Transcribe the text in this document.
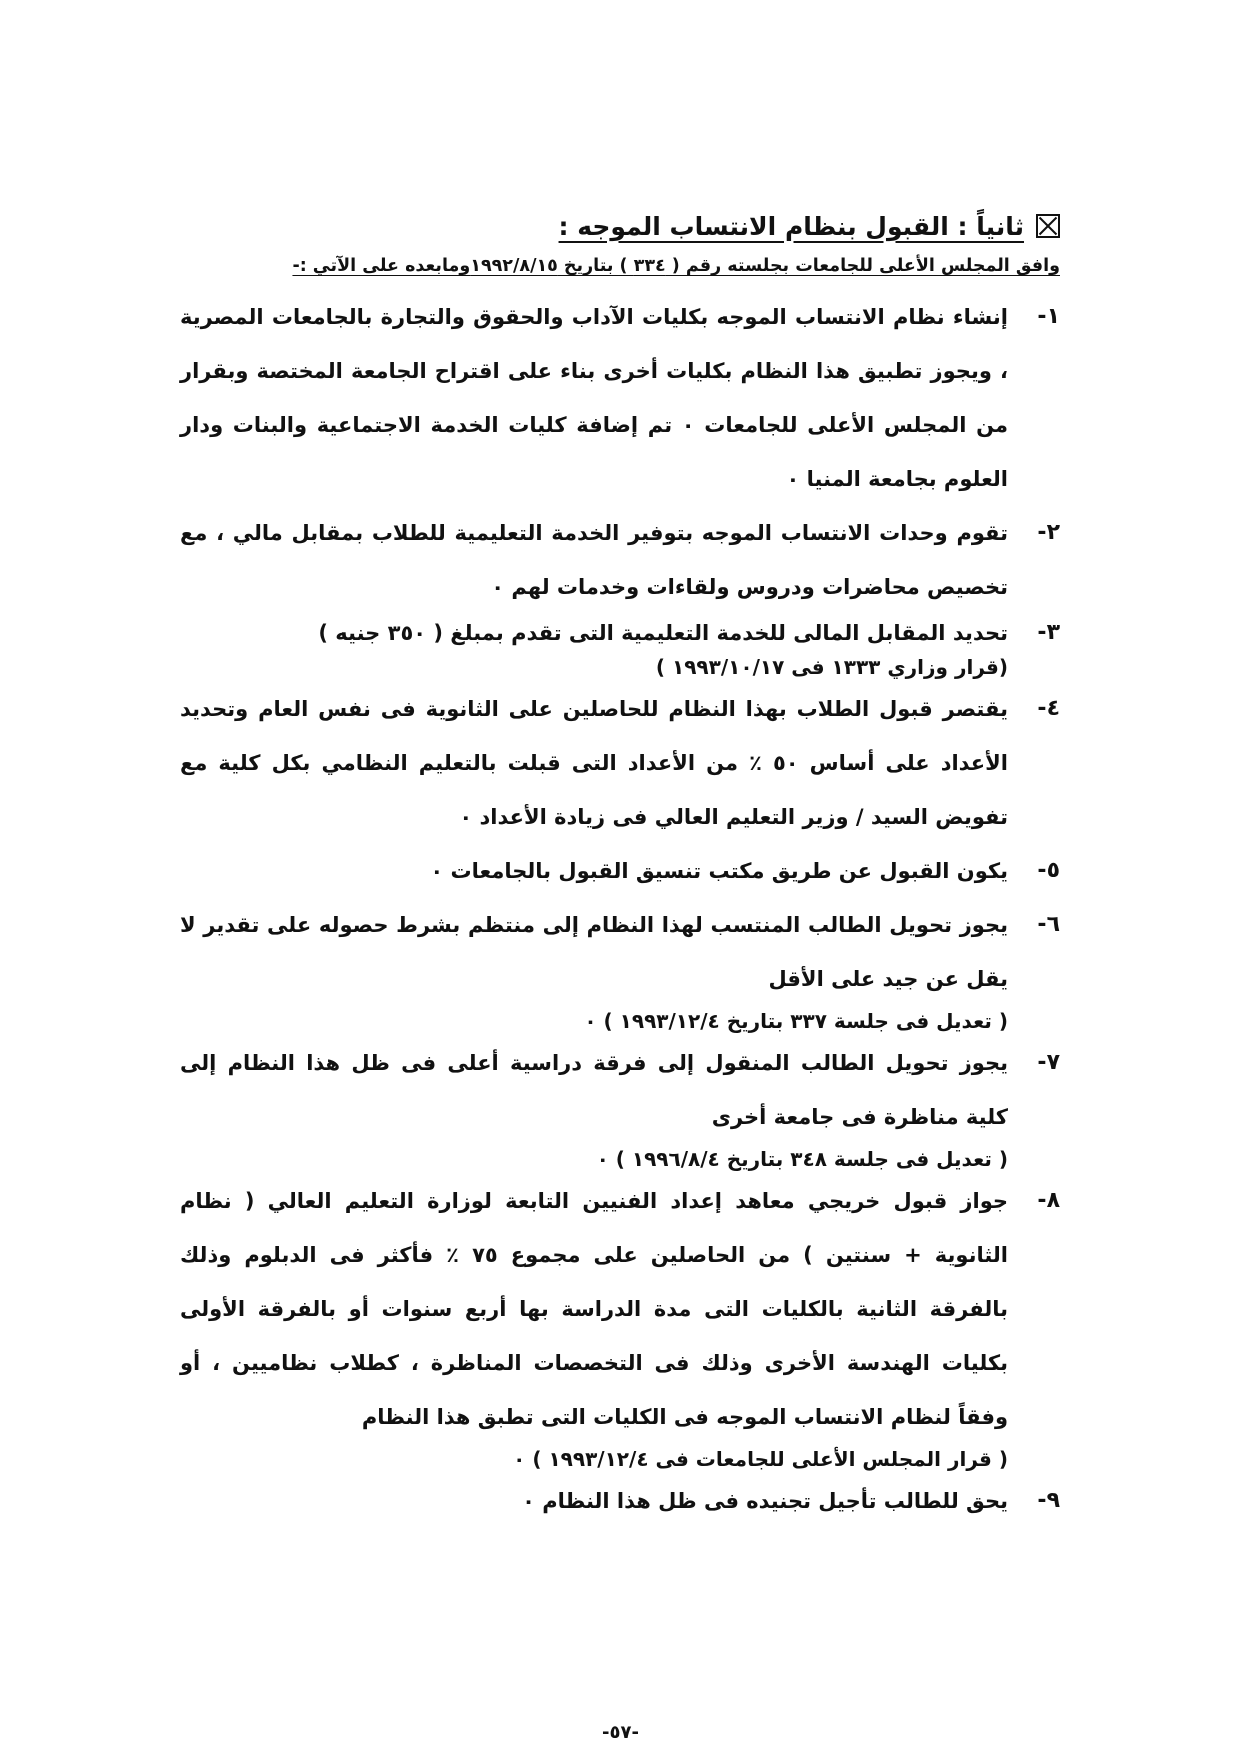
ثانياً : القبول بنظام الانتساب الموجه :
وافق المجلس الأعلى للجامعات بجلسته رقم ( ٣٣٤ ) بتاريخ ١٩٩٢/٨/١٥ومابعده على الآتي :-
١-
إنشاء نظام الانتساب الموجه بكليات الآداب والحقوق والتجارة بالجامعات المصرية ، ويجوز تطبيق هذا النظام بكليات أخرى بناء على اقتراح الجامعة المختصة وبقرار من المجلس الأعلى للجامعات ٠ تم إضافة كليات الخدمة الاجتماعية والبنات ودار العلوم بجامعة المنيا ٠
٢-
تقوم وحدات الانتساب الموجه بتوفير الخدمة التعليمية للطلاب بمقابل مالي ، مع تخصيص محاضرات ودروس ولقاءات وخدمات لهم ٠
٣-
تحديد المقابل المالى للخدمة التعليمية التى تقدم بمبلغ ( ٣٥٠ جنيه )
(قرار وزاري ١٣٣٣ فى ١٩٩٣/١٠/١٧ )
٤-
يقتصر قبول الطلاب بهذا النظام للحاصلين على الثانوية فى نفس العام وتحديد الأعداد على أساس ٥٠ ٪ من الأعداد التى قبلت بالتعليم النظامي بكل كلية مع تفويض السيد / وزير التعليم العالي فى زيادة الأعداد ٠
٥-
يكون القبول عن طريق مكتب تنسيق القبول بالجامعات ٠
٦-
يجوز تحويل الطالب المنتسب لهذا النظام إلى منتظم بشرط حصوله على تقدير لا يقل عن جيد على الأقل
( تعديل فى جلسة ٣٣٧ بتاريخ ١٩٩٣/١٢/٤ ) ٠
٧-
يجوز تحويل الطالب المنقول إلى فرقة دراسية أعلى فى ظل هذا النظام إلى كلية مناظرة فى جامعة أخرى
( تعديل فى جلسة ٣٤٨ بتاريخ ١٩٩٦/٨/٤ ) ٠
٨-
جواز قبول خريجي معاهد إعداد الفنيين التابعة لوزارة التعليم العالي ( نظام الثانوية + سنتين ) من الحاصلين على مجموع ٧٥ ٪ فأكثر فى الدبلوم وذلك بالفرقة الثانية بالكليات التى مدة الدراسة بها أربع سنوات أو بالفرقة الأولى بكليات الهندسة الأخرى وذلك فى التخصصات المناظرة ، كطلاب نظاميين ، أو وفقاً لنظام الانتساب الموجه فى الكليات التى تطبق هذا النظام
( قرار المجلس الأعلى للجامعات فى ١٩٩٣/١٢/٤ ) ٠
٩-
يحق للطالب تأجيل تجنيده فى ظل هذا النظام ٠
-٥٧-
